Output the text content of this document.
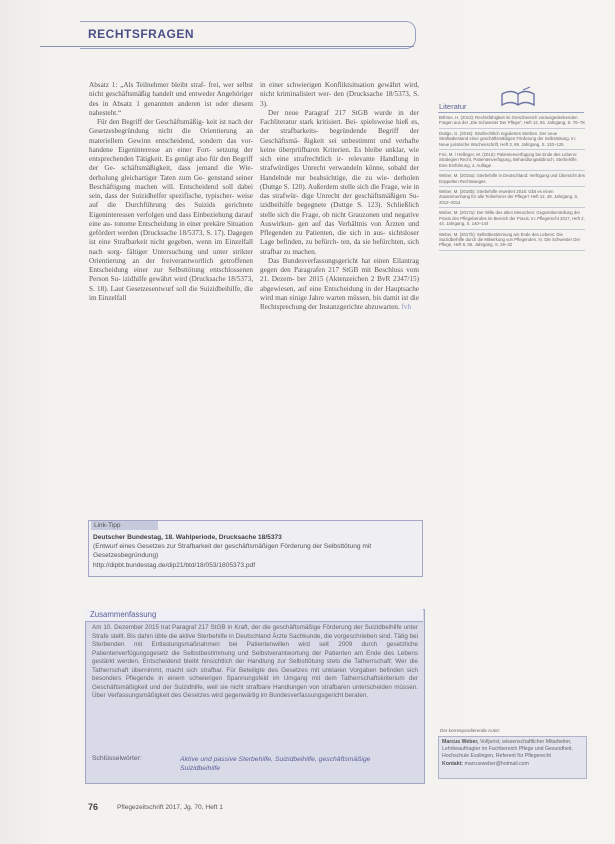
RECHTSFRAGEN

Absatz 1: „Als Teilnehmer bleibt straf- frei, wer selbst nicht geschäftsmäßig handelt und entweder Angehöriger des in Absatz 1 genannten anderen ist oder diesem nahesteht.“

Für den Begriff der Geschäftsmäßig- keit ist nach der Gesetzesbegründung nicht die Orientierung an materiellem Gewinn entscheidend, sondern das vor- handene Eigeninteresse an einer Fort- setzung der entsprechenden Tätigkeit. Es genügt also für den Begriff der Ge- schäftsmäßigkeit, dass jemand die Wie- derholung gleichartiger Taten zum Ge- genstand seiner Beschäftigung machen will. Entscheidend soll dabei sein, dass der Suizidhelfer spezifische, typischer- weise auf die Durchführung des Suizids gerichtete Eigeninteressen verfolgen und dass Einbeziehung darauf eine au- tonome Entscheidung in einer prekäre Situation gefördert werden (Drucksache 18/5373, S. 17). Dagegen ist eine Strafbarkeit nicht gegeben, wenn im Einzelfall nach sorg- fältiger Untersuchung und unter strikter Orientierung an der freiverantwortlich getroffenen Entscheidung einer zur Selbsttötung entschlossenen Person Su- izidhilfe gewährt wird (Drucksache 18/5373, S. 18). Laut Gesetzesentwurf soll die Suizidbeihilfe, die im Einzelfall

in einer schwierigen Konfliktsituation gewährt wird, nicht kriminalisiert wer- den (Drucksache 18/5373, S. 3).

Der neue Paragraf 217 StGB wurde in der Fachliteratur stark kritisiert. Bei- spielsweise hieß es, der strafbarkeits- begründende Begriff der Geschäftsmä- ßigkeit sei unbestimmt und verhafte keine überprüfbaren Kriterien. Es bleibe unklar, wie sich eine strafrechtlich ir- relevante Handlung in strafwürdiges Unrecht verwandeln könne, sobald der Handelnde nur beabsichtige, die zu wie- derholen (Duttge S. 120). Außerdem stelle sich die Frage, wie in das strafwür- dige Unrecht der geschäftsmäßigen Su- izidbeihilfe begegnete (Duttge S. 123). Schließlich stelle sich die Frage, ob nicht Grauzonen und negative Auswirkun- gen auf das Verhältnis von Ärzten und Pflegenden zu Patienten, die sich in aus- sichtsloser Lage befinden, zu befürch- ten, da sie befürchten, sich strafbar zu machen.

Das Bundesverfassungsgericht hat einen Eilantrag gegen den Paragrafen 217 StGB mit Beschluss vom 21. Dezem- ber 2015 (Aktenzeichen 2 BvR 2347/15) abgewiesen, auf eine Entscheidung in der Hauptsache wird man einige Jahre warten müssen, bis damit ist die Rechtsprechung der Instanzgerichte abzuwarten. fvh

Literatur
Böhme, H. (2013): Rechtsfähigkeit im Grenzbereich vorausgedenkenden Fragen aus der „Die Schwester Der Pflege“, Heft 12, 54. Jahrgang, S. 76–78
Duttge, G. (2016): Strafrechtlich reguliertes Sterben. Der neue Straftatbestand einer geschäftsmäßigen Förderung der Selbsttötung. In: Neue juristische Wochenschrift, Heft 3, 69. Jahrgang, S. 120–125
Frei, M. / Hellinger, M. (2015): Patientenverfügung bei Ende des Lebens: Strategien Recht, Patientenverfügung, Behandlungsabbruch, Sterbehilfe. Eine Einführung, 4. Auflage
Weber, M. (2016a): Sterbehilfe in Deutschland: Verfügung und Übersicht des Doppelten Rechtsweges
Weber, M. (2016b): Sterbehilfe erweitert 2016: Gibt es einen Zusammenhang für alle Teilnehmer der Pflege? Heft 12, 49. Jahrgang, S. 2012–2014
Weber, M. (2017a): Der Wille des alten Menschen: Gegenüberstellung der Praxis des Pflegeberufes im Bereich der Praxis. In: Pflegerecht 2017, Heft 2, 44. Jahrgang, S. 140–144
Weber, M. (2017b): Selbstbestimmung am Ende des Lebens: Die Suizidbeihilfe durch die Mitwirkung von Pflegenden. In: Die Schwester Der Pflege, Heft 8, 56. Jahrgang, S. 29–32
Link-Tipp
Deutscher Bundestag, 18. Wahlperiode, Drucksache 18/5373
(Entwurf eines Gesetzes zur Strafbarkeit der geschäftsmäßigen Förderung der Selbsttötung mit Gesetzesbegründung)
http://dipbt.bundestag.de/dip21/btd/18/053/1805373.pdf
Zusammenfassung
Am 10. Dezember 2015 trat Paragraf 217 StGB in Kraft, der die geschäftsmäßige Förderung der Suizidbeihilfe unter Strafe stellt. Bis dahin übte die aktive Sterbehilfe in Deutschland Ärzte Sachkunde, die vorgeschrieben sind. Tätig bei Sterbenden mit Entlastungsmaßnahmen bei Patientenwillen wird seit 2009 durch gesetzliche Patientenverfügungsgesetz die Selbstbestimmung und Selbstverantwortung der Patienten am Ende des Lebens gestärkt werden. Entscheidend bleibt hinsichtlich der Handlung zur Selbsttötung stets die Tatherrschaft: Wer die Tatherrschaft übernimmt, macht sich strafbar. Für Beteiligte des Gesetzes mit unklaren Vorgaben befinden sich besonders Pflegende in einem schwierigen Spannungsfeld im Umgang mit dem Tatherrschaftskriterium der Geschäftsmäßigkeit und der Suizidhilfe, weil sie nicht strafbare Handlungen von strafbaren unterscheiden müssen. Über Verfassungsmäßigkeit des Gesetzes wird gegenwärtig im Bundesverfassungsgericht beraten.
Schlüsselwörter:	Aktive und passive Sterbehilfe, Suizidbeihilfe, geschäftsmäßige Suizidbeihilfe
Der korrespondierende Autor:
Marcus Weber, Volljurist, wissenschaftlicher Mitarbeiter, Lehrbeauftragter im Fachbereich Pflege und Gesundheit, Hochschule Esslingen, Referent für Pflegerecht
Kontakt: marcusweber@hotmail.com
76	Pflegezeitschrift 2017, Jg. 70, Heft 1
